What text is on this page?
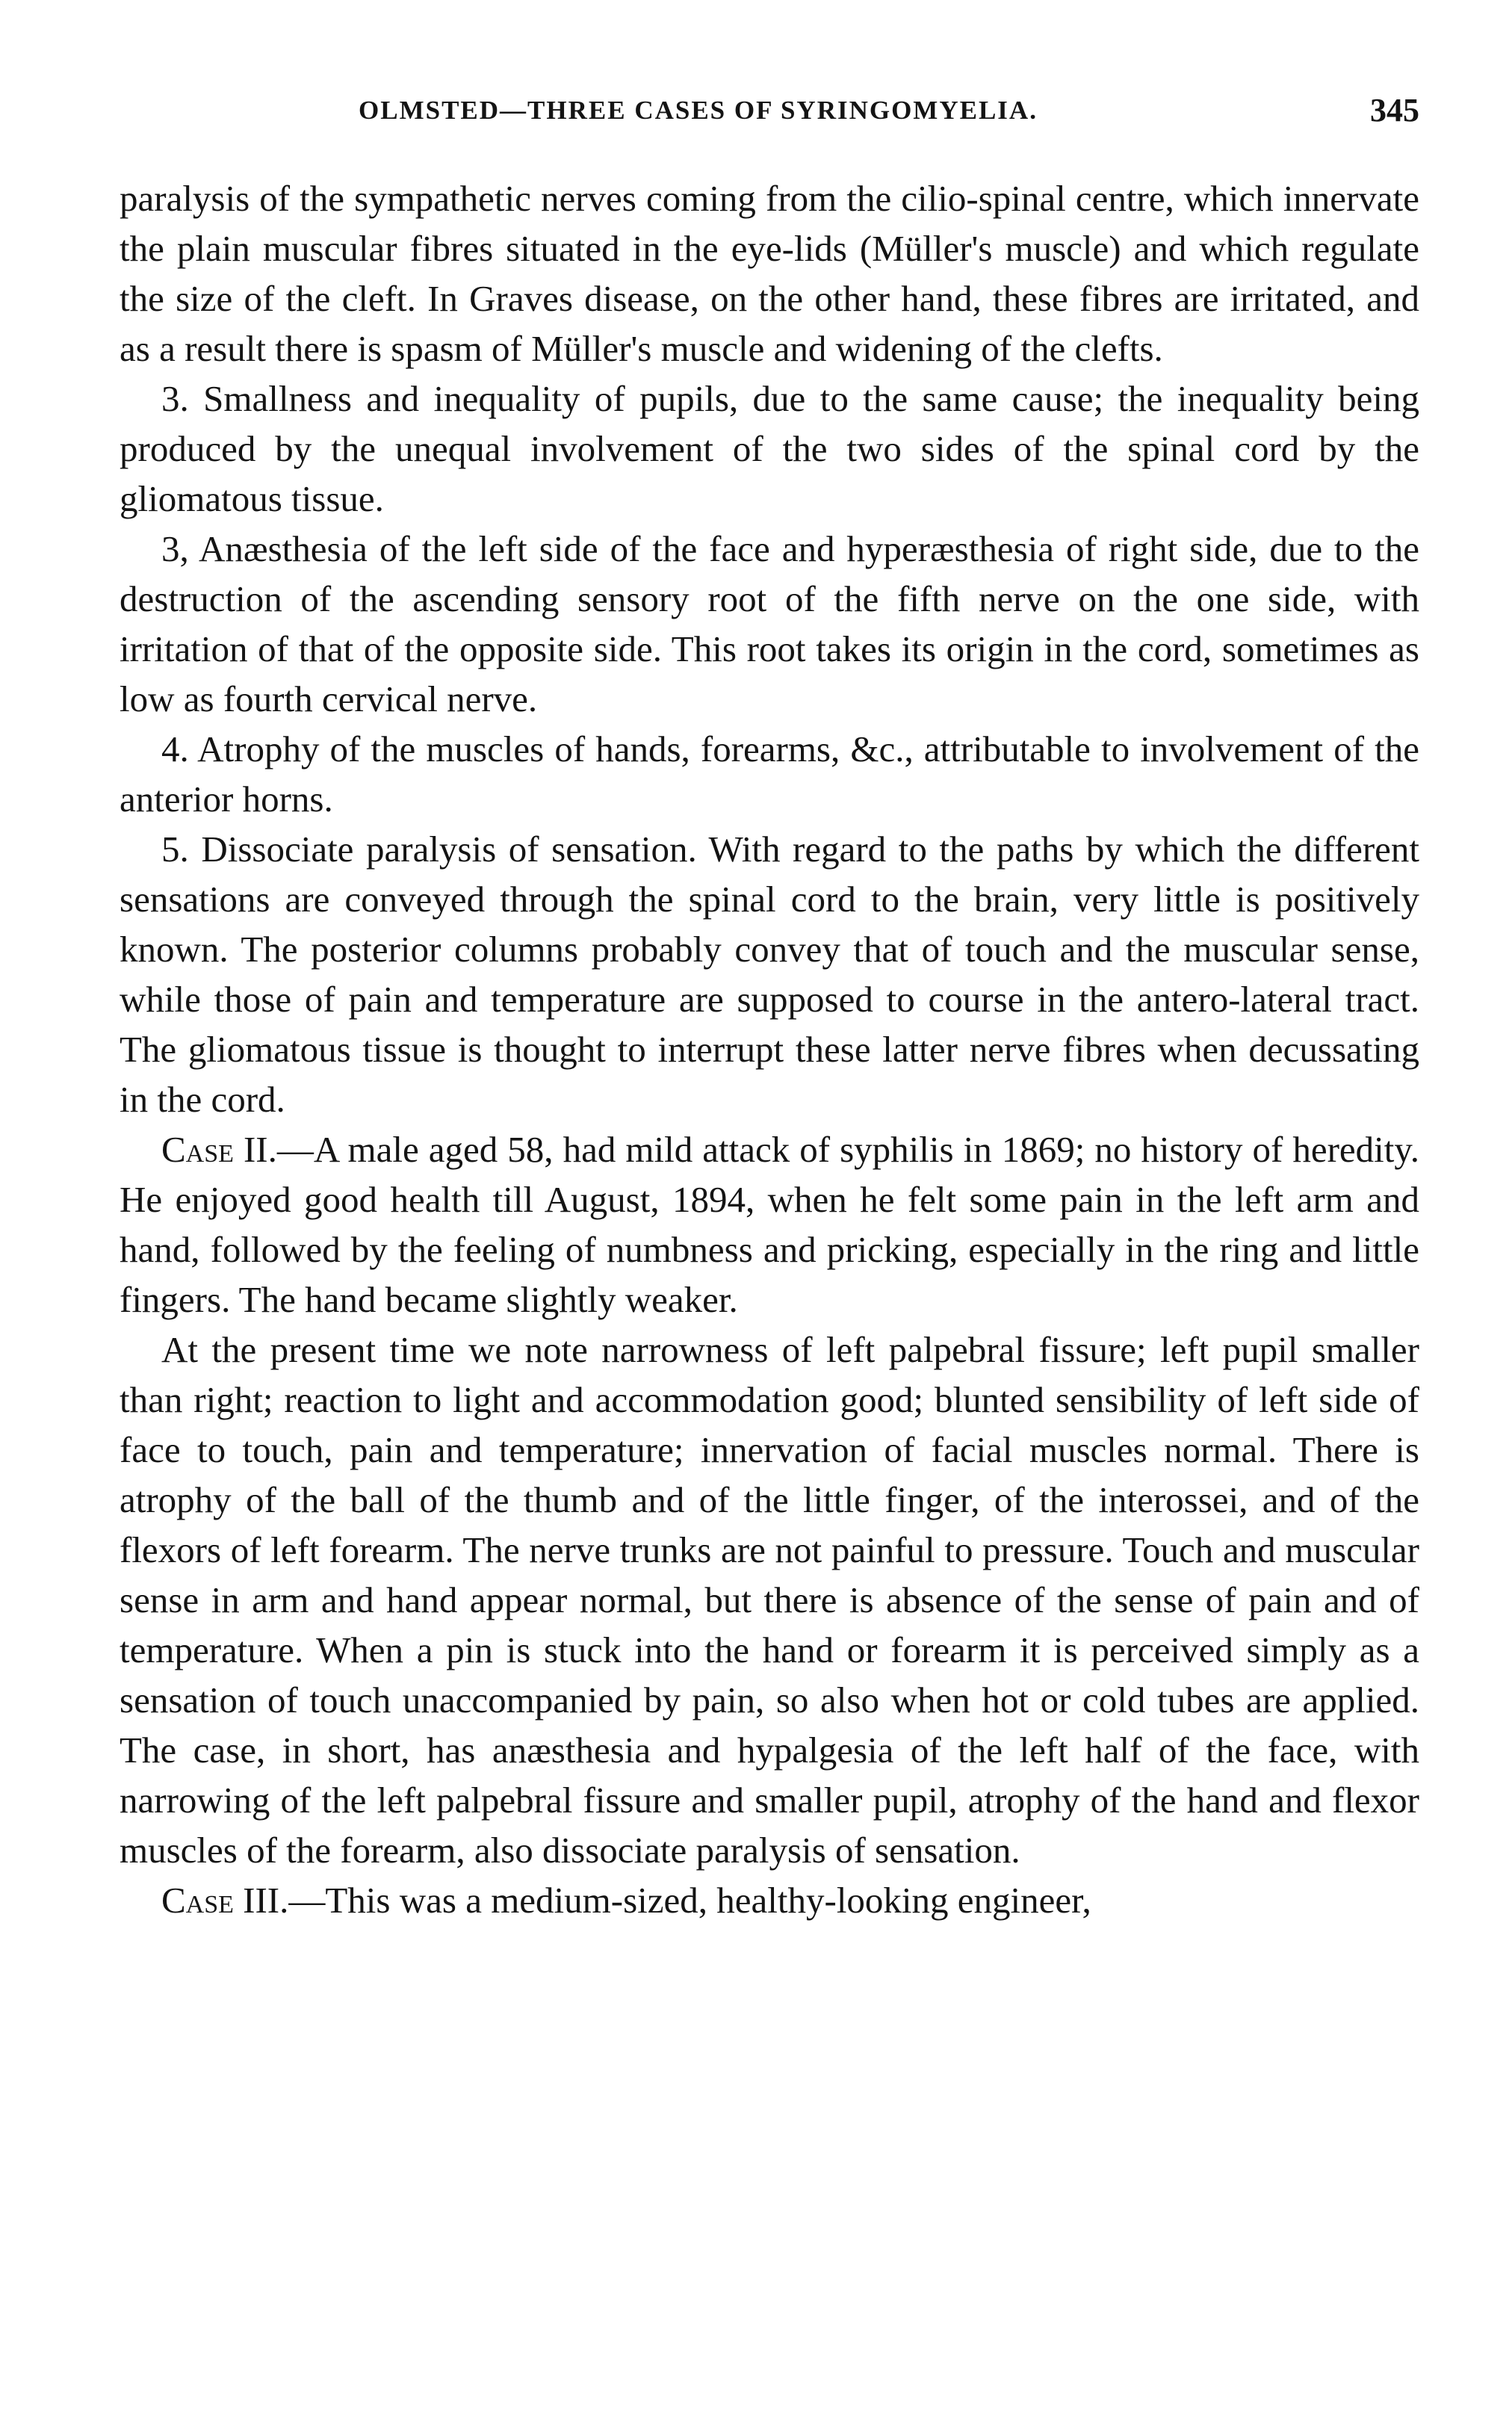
OLMSTED—THREE CASES OF SYRINGOMYELIA.	345

paralysis of the sympathetic nerves coming from the cilio-spinal centre, which innervate the plain muscular fibres situated in the eye-lids (Müller's muscle) and which regulate the size of the cleft. In Graves disease, on the other hand, these fibres are irritated, and as a result there is spasm of Müller's muscle and widening of the clefts.

3. Smallness and inequality of pupils, due to the same cause; the inequality being produced by the unequal involvement of the two sides of the spinal cord by the gliomatous tissue.

3, Anæsthesia of the left side of the face and hyperæsthesia of right side, due to the destruction of the ascending sensory root of the fifth nerve on the one side, with irritation of that of the opposite side. This root takes its origin in the cord, sometimes as low as fourth cervical nerve.

4. Atrophy of the muscles of hands, forearms, &c., attributable to involvement of the anterior horns.

5. Dissociate paralysis of sensation. With regard to the paths by which the different sensations are conveyed through the spinal cord to the brain, very little is positively known. The posterior columns probably convey that of touch and the muscular sense, while those of pain and temperature are supposed to course in the antero-lateral tract. The gliomatous tissue is thought to interrupt these latter nerve fibres when decussating in the cord.

Case II.—A male aged 58, had mild attack of syphilis in 1869; no history of heredity. He enjoyed good health till August, 1894, when he felt some pain in the left arm and hand, followed by the feeling of numbness and pricking, especially in the ring and little fingers. The hand became slightly weaker.

At the present time we note narrowness of left palpebral fissure; left pupil smaller than right; reaction to light and accommodation good; blunted sensibility of left side of face to touch, pain and temperature; innervation of facial muscles normal. There is atrophy of the ball of the thumb and of the little finger, of the interossei, and of the flexors of left forearm. The nerve trunks are not painful to pressure. Touch and muscular sense in arm and hand appear normal, but there is absence of the sense of pain and of temperature. When a pin is stuck into the hand or forearm it is perceived simply as a sensation of touch unaccompanied by pain, so also when hot or cold tubes are applied. The case, in short, has anæsthesia and hypalgesia of the left half of the face, with narrowing of the left palpebral fissure and smaller pupil, atrophy of the hand and flexor muscles of the forearm, also dissociate paralysis of sensation.

Case III.—This was a medium-sized, healthy-looking engineer,
